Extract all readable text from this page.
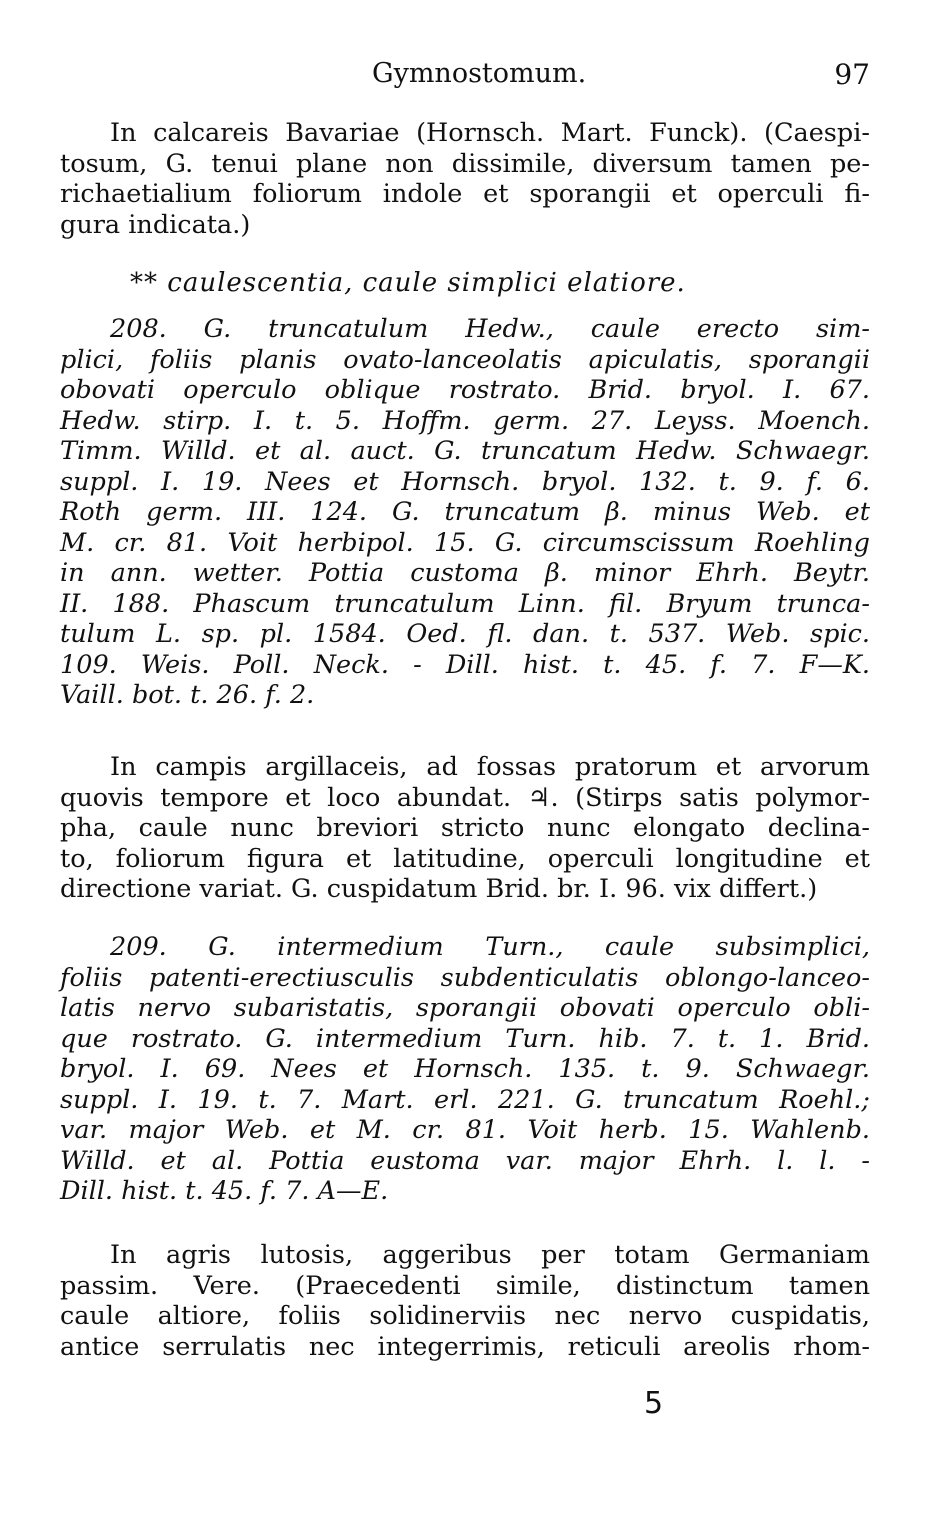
Gymnostomum.	97
In calcareis Bavariae (Hornsch. Mart. Funck). (Caespi-
tosum, G. tenui plane non dissimile, diversum tamen pe-
richaetialium foliorum indole et sporangii et operculi fi-
gura indicata.)
** caulescentia, caule simplici elatiore.
208. G. truncatulum Hedw., caule erecto sim-
plici, foliis planis ovato-lanceolatis apiculatis, sporangii
obovati operculo oblique rostrato. Brid. bryol. I. 67.
Hedw. stirp. I. t. 5. Hoffm. germ. 27. Leyss. Moench.
Timm. Willd. et al. auct. G. truncatum Hedw. Schwaegr.
suppl. I. 19. Nees et Hornsch. bryol. 132. t. 9. f. 6.
Roth germ. III. 124. G. truncatum β. minus Web. et
M. cr. 81. Voit herbipol. 15. G. circumscissum Roehling
in ann. wetter. Pottia customa β. minor Ehrh. Beytr.
II. 188. Phascum truncatulum Linn. fil. Bryum trunca-
tulum L. sp. pl. 1584. Oed. fl. dan. t. 537. Web. spic.
109. Weis. Poll. Neck. - Dill. hist. t. 45. f. 7. F—K.
Vaill. bot. t. 26. f. 2.
In campis argillaceis, ad fossas pratorum et arvorum
quovis tempore et loco abundat. ♃. (Stirps satis polymor-
pha, caule nunc breviori stricto nunc elongato declina-
to, foliorum figura et latitudine, operculi longitudine et
directione variat. G. cuspidatum Brid. br. I. 96. vix differt.)
209. G. intermedium Turn., caule subsimplici,
foliis patenti-erectiusculis subdenticulatis oblongo-lanceo-
latis nervo subaristatis, sporangii obovati operculo obli-
que rostrato. G. intermedium Turn. hib. 7. t. 1. Brid.
bryol. I. 69. Nees et Hornsch. 135. t. 9. Schwaegr.
suppl. I. 19. t. 7. Mart. erl. 221. G. truncatum Roehl.;
var. major Web. et M. cr. 81. Voit herb. 15. Wahlenb.
Willd. et al. Pottia eustoma var. major Ehrh. l. l. -
Dill. hist. t. 45. f. 7. A—E.
In agris lutosis, aggeribus per totam Germaniam
passim. Vere. (Praecedenti simile, distinctum tamen
caule altiore, foliis solidinerviis nec nervo cuspidatis,
antice serrulatis nec integerrimis, reticuli areolis rhom-
5
